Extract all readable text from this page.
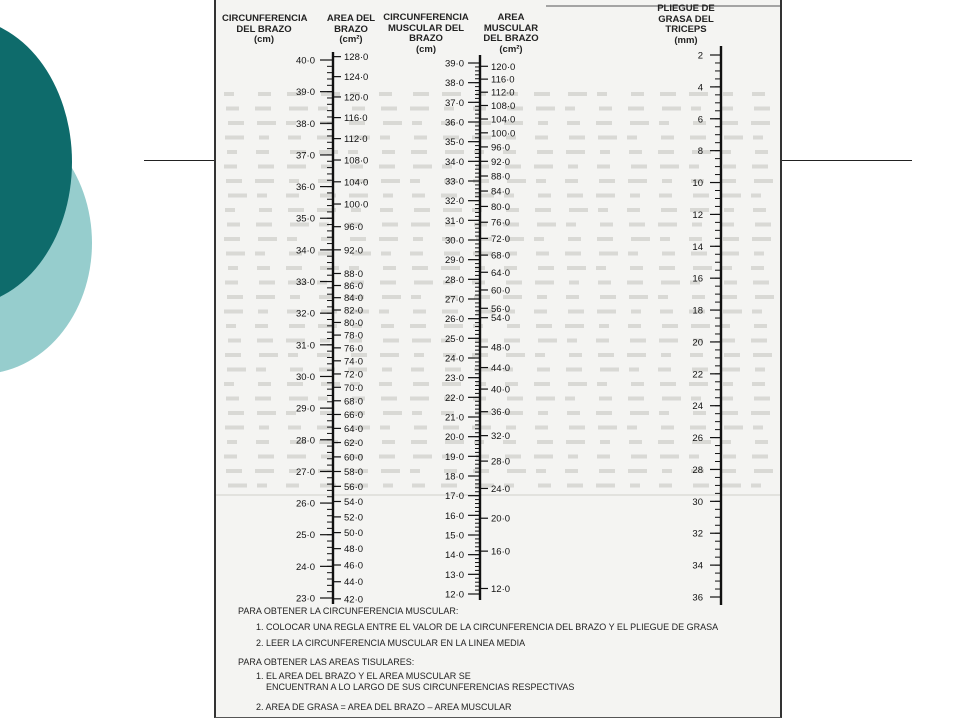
40·0
39·0
38·0
37·0
36·0
35·0
34·0
33·0
32·0
31·0
30·0
29·0
28·0
27·0
26·0
25·0
24·0
23·0
128·0
124·0
120·0
116·0
112·0
108·0
104·0
100·0
96·0
92·0
88·0
86·0
84·0
82·0
80·0
78·0
76·0
74·0
72·0
70·0
68·0
66·0
64·0
62·0
60·0
58·0
56·0
54·0
52·0
50·0
48·0
46·0
44·0
42·0
39·0
38·0
37·0
36·0
35·0
34·0
33·0
32·0
31·0
30·0
29·0
28·0
27·0
26·0
25·0
24·0
23·0
22·0
21·0
20·0
19·0
18·0
17·0
16·0
15·0
14·0
13·0
12·0
120·0
116·0
112·0
108·0
104·0
100·0
96·0
92·0
88·0
84·0
80·0
76·0
72·0
68·0
64·0
60·0
56·0
54·0
48·0
44·0
40·0
36·0
32·0
28·0
24·0
20·0
16·0
12·0
2
4
6
8
10
12
14
16
18
20
22
24
26
28
30
32
34
36
CIRCUNFERENCIA
DEL BRAZO
(cm)
AREA DEL
BRAZO
(cm²)
CIRCUNFERENCIA
MUSCULAR DEL
BRAZO
(cm)
AREA
MUSCULAR
DEL BRAZO
(cm²)
PLIEGUE DE
GRASA DEL
TRICEPS
(mm)
PARA OBTENER LA CIRCUNFERENCIA MUSCULAR:
1. COLOCAR UNA REGLA ENTRE EL VALOR DE LA CIRCUNFERENCIA DEL BRAZO Y EL PLIEGUE DE GRASA
2. LEER LA CIRCUNFERENCIA MUSCULAR EN LA LINEA MEDIA
PARA OBTENER LAS AREAS TISULARES:
1. EL AREA DEL BRAZO Y EL AREA MUSCULAR SE
ENCUENTRAN A LO LARGO DE SUS CIRCUNFERENCIAS RESPECTIVAS
2. AREA DE GRASA = AREA DEL BRAZO – AREA MUSCULAR
